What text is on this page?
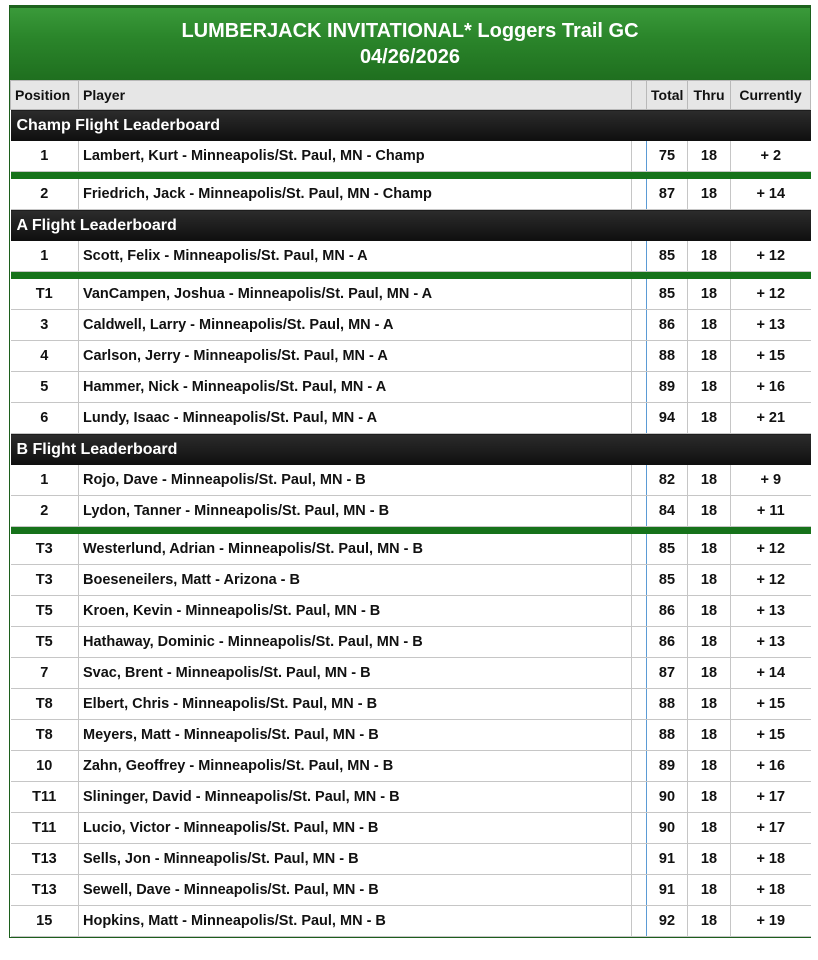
LUMBERJACK INVITATIONAL* Loggers Trail GC
04/26/2026
Position	Player		Total	Thru	Currently
Champ Flight Leaderboard					
1	Lambert, Kurt - Minneapolis/St. Paul, MN - Champ		75	18	+ 2

2	Friedrich, Jack - Minneapolis/St. Paul, MN - Champ		87	18	+ 14
A Flight Leaderboard					
1	Scott, Felix - Minneapolis/St. Paul, MN - A		85	18	+ 12

T1	VanCampen, Joshua - Minneapolis/St. Paul, MN - A		85	18	+ 12
3	Caldwell, Larry - Minneapolis/St. Paul, MN - A		86	18	+ 13
4	Carlson, Jerry - Minneapolis/St. Paul, MN - A		88	18	+ 15
5	Hammer, Nick - Minneapolis/St. Paul, MN - A		89	18	+ 16
6	Lundy, Isaac - Minneapolis/St. Paul, MN - A		94	18	+ 21
B Flight Leaderboard					
1	Rojo, Dave - Minneapolis/St. Paul, MN - B		82	18	+ 9
2	Lydon, Tanner - Minneapolis/St. Paul, MN - B		84	18	+ 11

T3	Westerlund, Adrian - Minneapolis/St. Paul, MN - B		85	18	+ 12
T3	Boeseneilers, Matt - Arizona - B		85	18	+ 12
T5	Kroen, Kevin - Minneapolis/St. Paul, MN - B		86	18	+ 13
T5	Hathaway, Dominic - Minneapolis/St. Paul, MN - B		86	18	+ 13
7	Svac, Brent - Minneapolis/St. Paul, MN - B		87	18	+ 14
T8	Elbert, Chris - Minneapolis/St. Paul, MN - B		88	18	+ 15
T8	Meyers, Matt - Minneapolis/St. Paul, MN - B		88	18	+ 15
10	Zahn, Geoffrey - Minneapolis/St. Paul, MN - B		89	18	+ 16
T11	Slininger, David - Minneapolis/St. Paul, MN - B		90	18	+ 17
T11	Lucio, Victor - Minneapolis/St. Paul, MN - B		90	18	+ 17
T13	Sells, Jon - Minneapolis/St. Paul, MN - B		91	18	+ 18
T13	Sewell, Dave - Minneapolis/St. Paul, MN - B		91	18	+ 18
15	Hopkins, Matt - Minneapolis/St. Paul, MN - B		92	18	+ 19
